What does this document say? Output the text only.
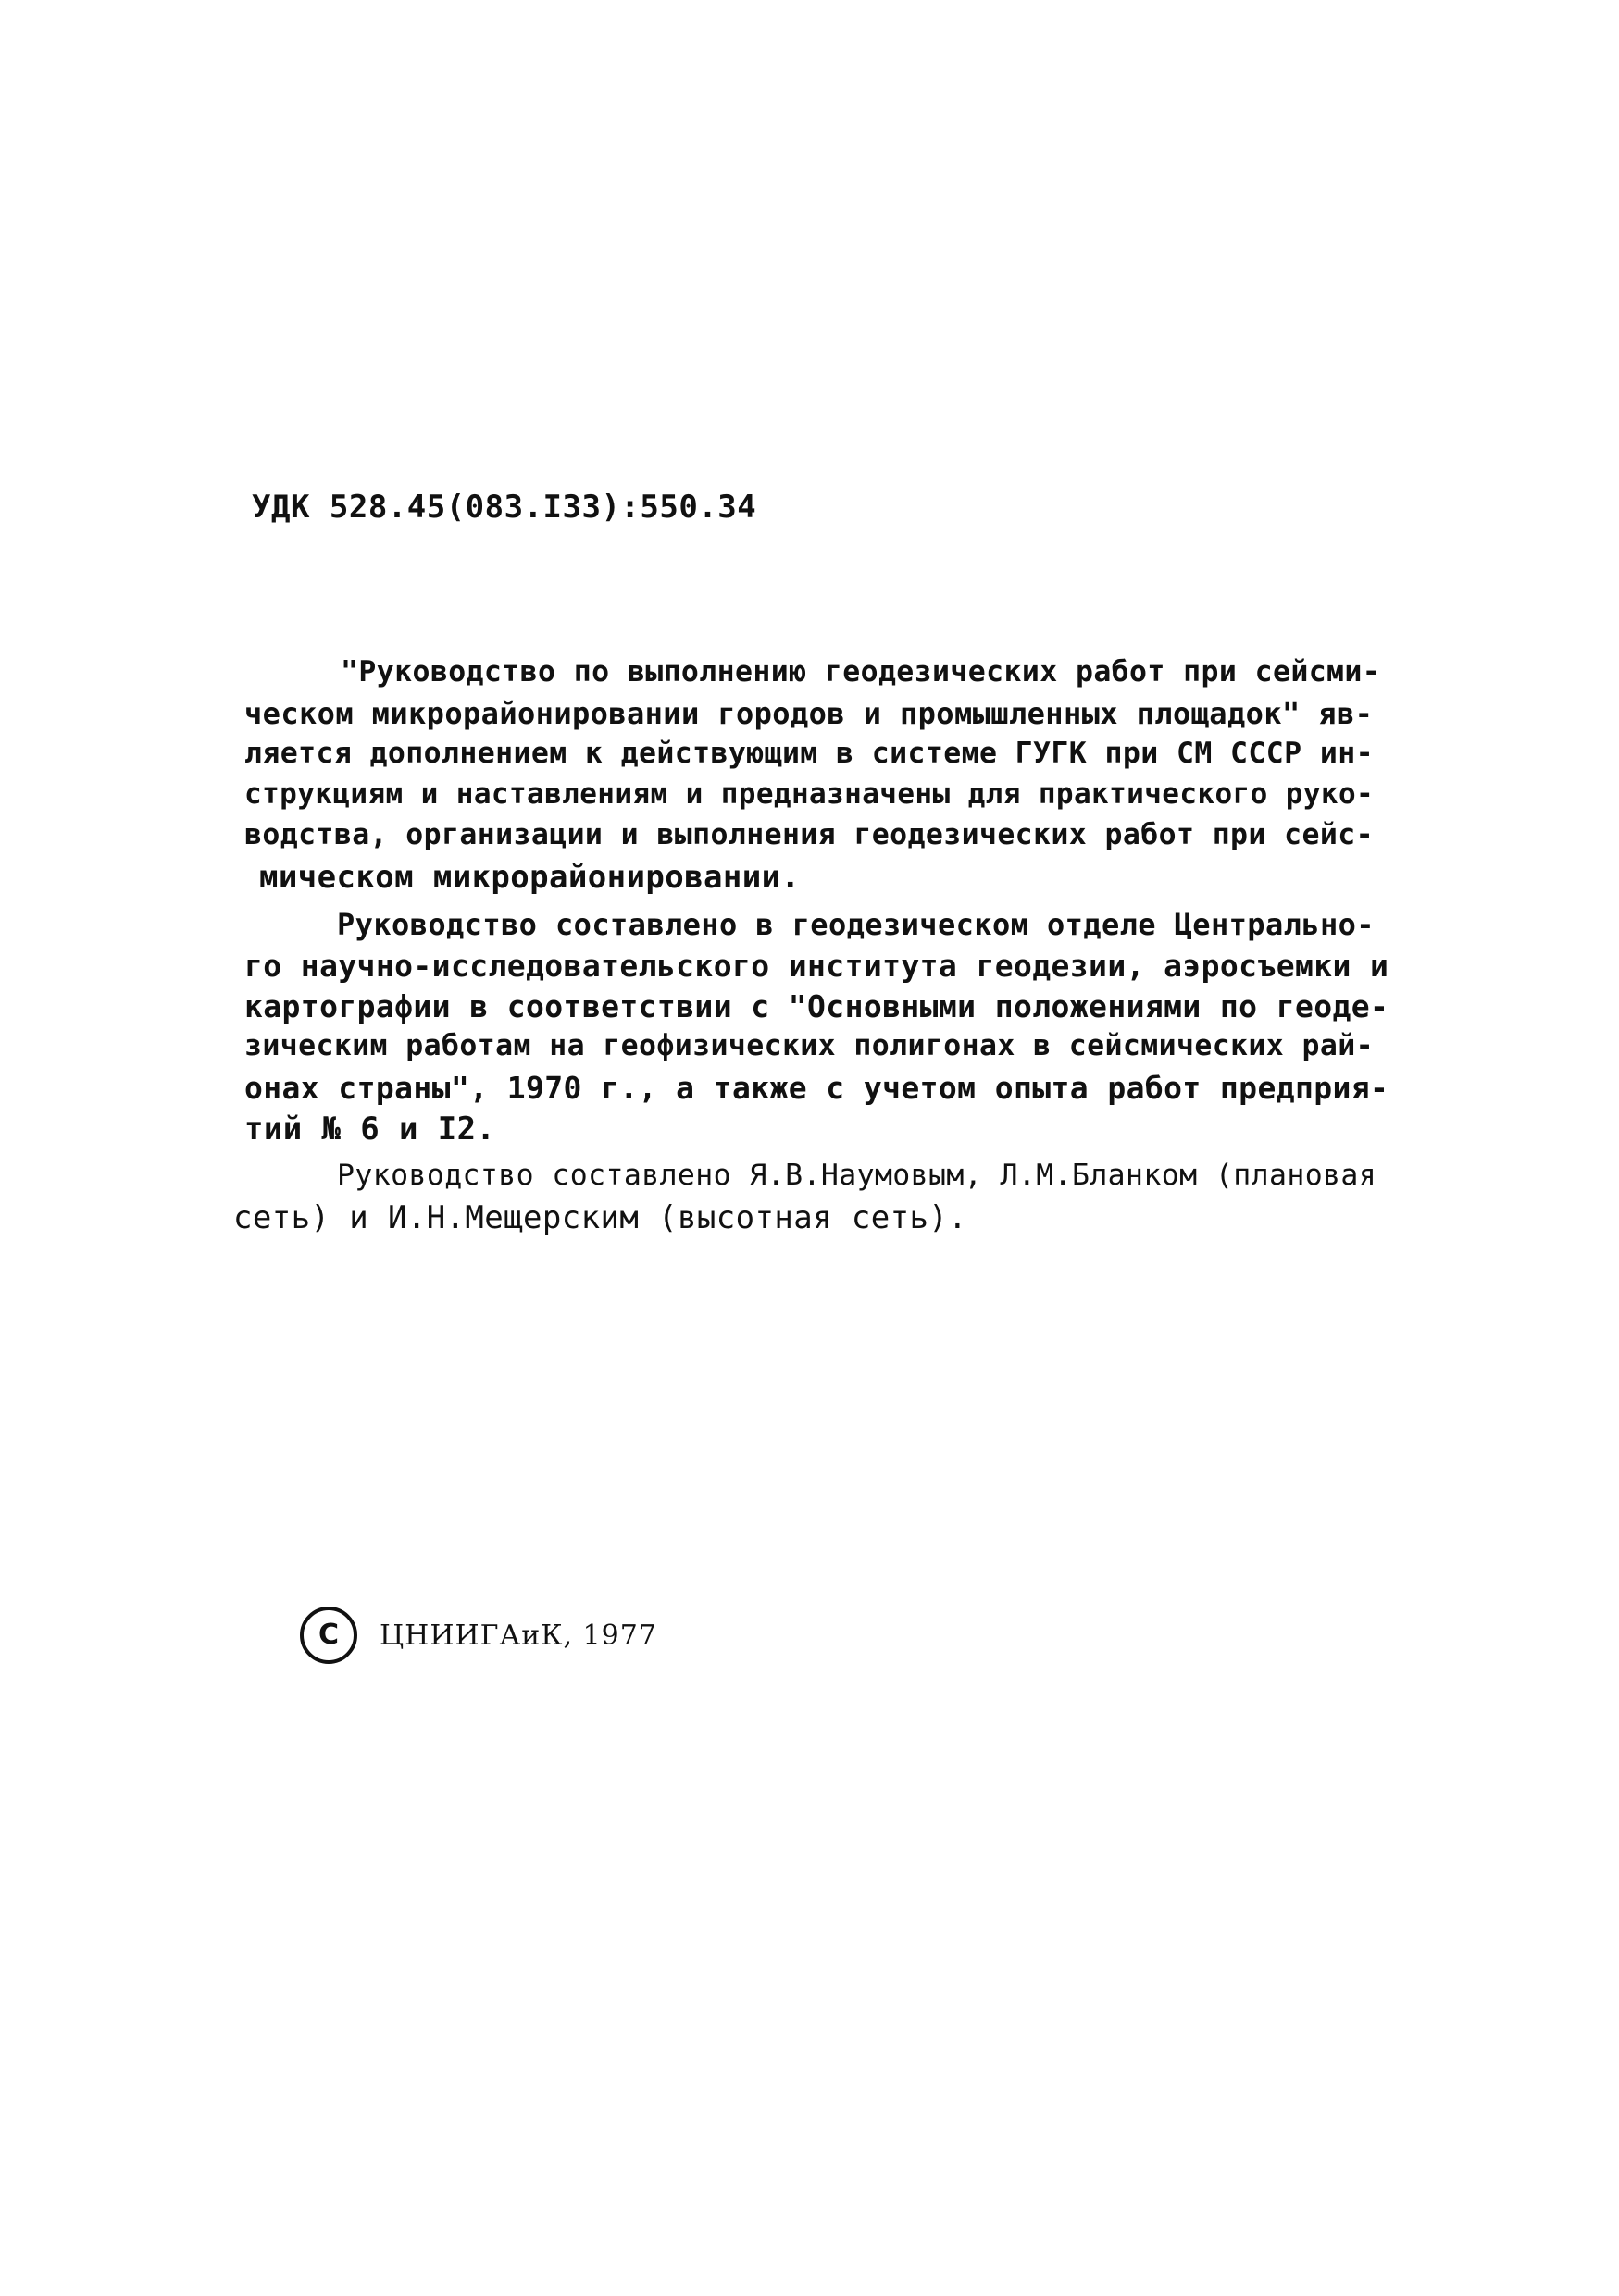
УДК 528.45(083.I33):550.34
"Руководство по выполнению геодезических работ при сейсми-
ческом микрорайонировании городов и промышленных площадок" яв-
ляется дополнением к действующим в системе ГУГК при СМ СССР ин-
струкциям и наставлениям и предназначены для практического руко-
водства, организации и выполнения геодезических работ при сейс-
мическом микрорайонировании.
Руководство составлено в геодезическом отделе Центрально-
го научно-исследовательского института геодезии, аэросъемки и
картографии в соответствии с "Основными положениями по геоде-
зическим работам на геофизических полигонах в сейсмических рай-
онах страны", 1970 г., а также с учетом опыта работ предприя-
тий № 6 и I2.
Руководство составлено Я.В.Наумовым, Л.М.Бланком (плановая
сеть) и И.Н.Мещерским (высотная сеть).
С	ЦНИИГАиК, 1977
